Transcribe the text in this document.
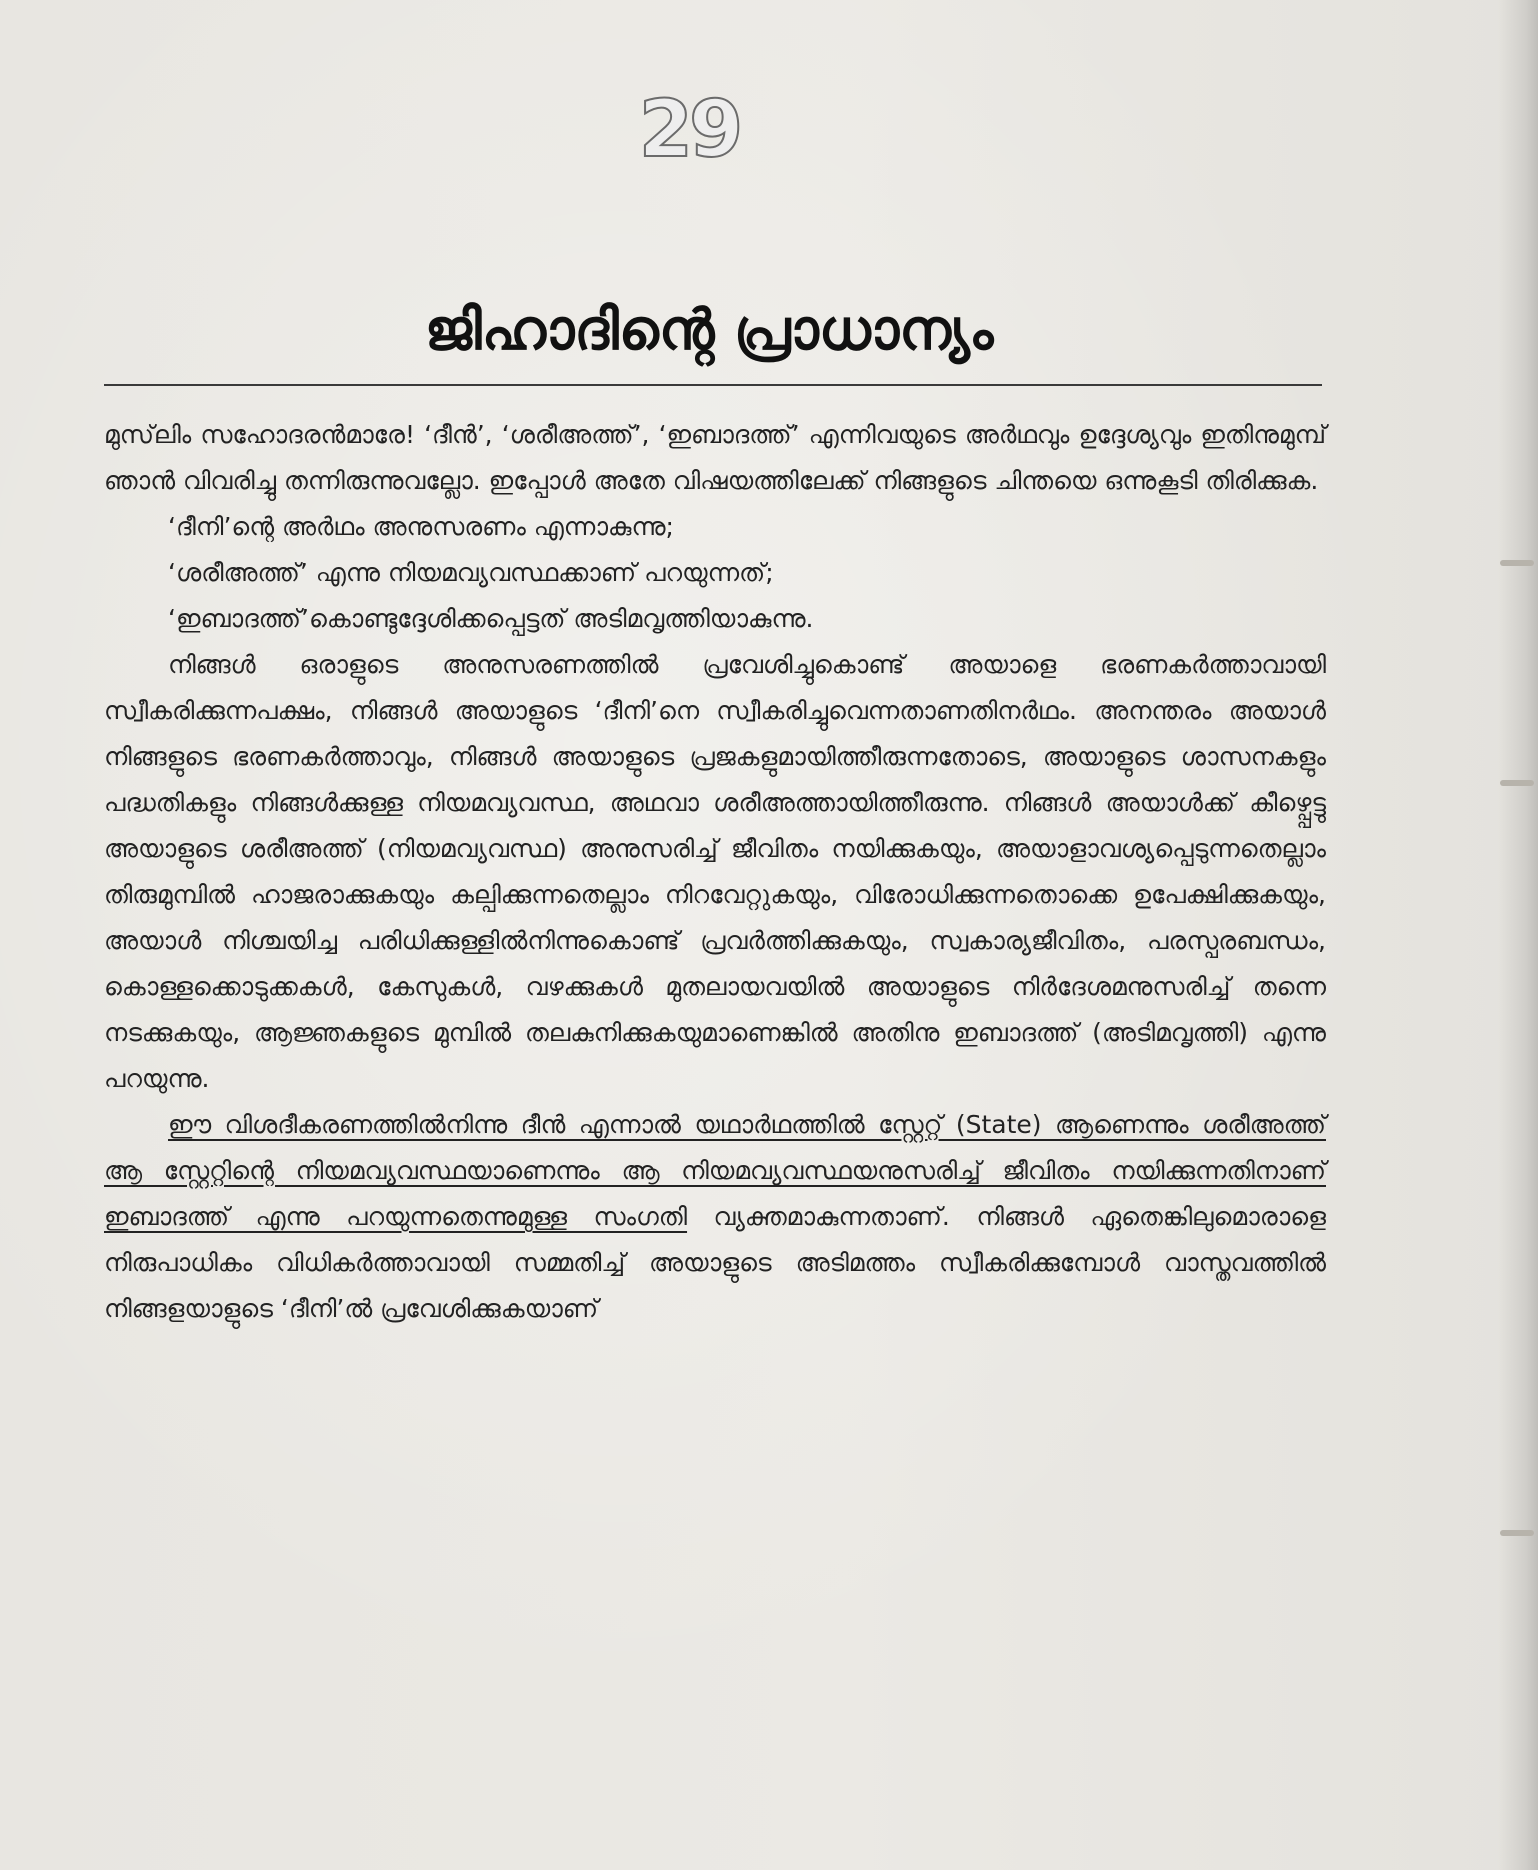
29
ജിഹാദിന്റെ പ്രാധാന്യം

മുസ്‌ലിം സഹോദരൻമാരേ! ‘ദീൻ’, ‘ശരീഅത്ത്’, ‘ഇബാദത്ത്’ എന്നിവയുടെ അർഥവും ഉദ്ദേശ്യവും ഇതിനുമുമ്പ് ഞാൻ വിവരിച്ചു തന്നിരുന്നുവല്ലോ. ഇപ്പോൾ അതേ വിഷയത്തിലേക്ക് നിങ്ങളുടെ ചിന്തയെ ഒന്നുകൂടി തിരിക്കുക.

‘ദീനി’ന്റെ അർഥം അനുസരണം എന്നാകുന്നു;

‘ശരീഅത്ത്’ എന്നു നിയമവ്യവസ്ഥക്കാണ് പറയുന്നത്;

‘ഇബാദത്ത്’കൊണ്ടുദ്ദേശിക്കപ്പെട്ടത് അടിമവൃത്തിയാകുന്നു.

നിങ്ങൾ ഒരാളുടെ അനുസരണത്തിൽ പ്രവേശിച്ചുകൊണ്ട് അയാളെ ഭരണകർത്താവായി സ്വീകരിക്കുന്നപക്ഷം, നിങ്ങൾ അയാളുടെ ‘ദീനി’നെ സ്വീകരിച്ചുവെന്നതാണതിനർഥം. അനന്തരം അയാൾ നിങ്ങളുടെ ഭരണകർത്താവും, നിങ്ങൾ അയാളുടെ പ്രജകളുമായിത്തീരുന്നതോടെ, അയാളുടെ ശാസനകളും പദ്ധതികളും നിങ്ങൾക്കുള്ള നിയമവ്യവസ്ഥ, അഥവാ ശരീഅത്തായിത്തീരുന്നു. നിങ്ങൾ അയാൾക്ക് കീഴ്പ്പെട്ടു അയാളുടെ ശരീഅത്ത് (നിയമവ്യവസ്ഥ) അനുസരിച്ച് ജീവിതം നയിക്കുകയും, അയാളാവശ്യപ്പെടുന്നതെല്ലാം തിരുമുമ്പിൽ ഹാജരാക്കുകയും കല്പിക്കുന്നതെല്ലാം നിറവേറ്റുകയും, വിരോധിക്കുന്നതൊക്കെ ഉപേക്ഷിക്കുകയും, അയാൾ നിശ്ചയിച്ച പരിധിക്കുള്ളിൽനിന്നുകൊണ്ട് പ്രവർത്തിക്കുകയും, സ്വകാര്യജീവിതം, പരസ്പരബന്ധം, കൊള്ളക്കൊടുക്കകൾ, കേസുകൾ, വഴക്കുകൾ മുതലായവയിൽ അയാളുടെ നിർദേശമനുസരിച്ച് തന്നെ നടക്കുകയും, ആജ്ഞകളുടെ മുമ്പിൽ തലകുനിക്കുകയുമാണെങ്കിൽ അതിനു ഇബാദത്ത് (അടിമവൃത്തി) എന്നു പറയുന്നു.

ഈ വിശദീകരണത്തിൽനിന്നു ദീൻ എന്നാൽ യഥാർഥത്തിൽ സ്റ്റേറ്റ് (State) ആണെന്നും ശരീഅത്ത് ആ സ്റ്റേറ്റിന്റെ നിയമവ്യവസ്ഥയാണെന്നും ആ നിയമവ്യവസ്ഥയനുസരിച്ച് ജീവിതം നയിക്കുന്നതിനാണ് ഇബാദത്ത് എന്നു പറയുന്നതെന്നുമുള്ള സംഗതി വ്യക്തമാകുന്നതാണ്. നിങ്ങൾ ഏതെങ്കിലുമൊരാളെ നിരുപാധികം വിധികർത്താവായി സമ്മതിച്ച് അയാളുടെ അടിമത്തം സ്വീകരിക്കുമ്പോൾ വാസ്തവത്തിൽ നിങ്ങളയാളുടെ ‘ദീനി’ൽ പ്രവേശിക്കുകയാണ്
